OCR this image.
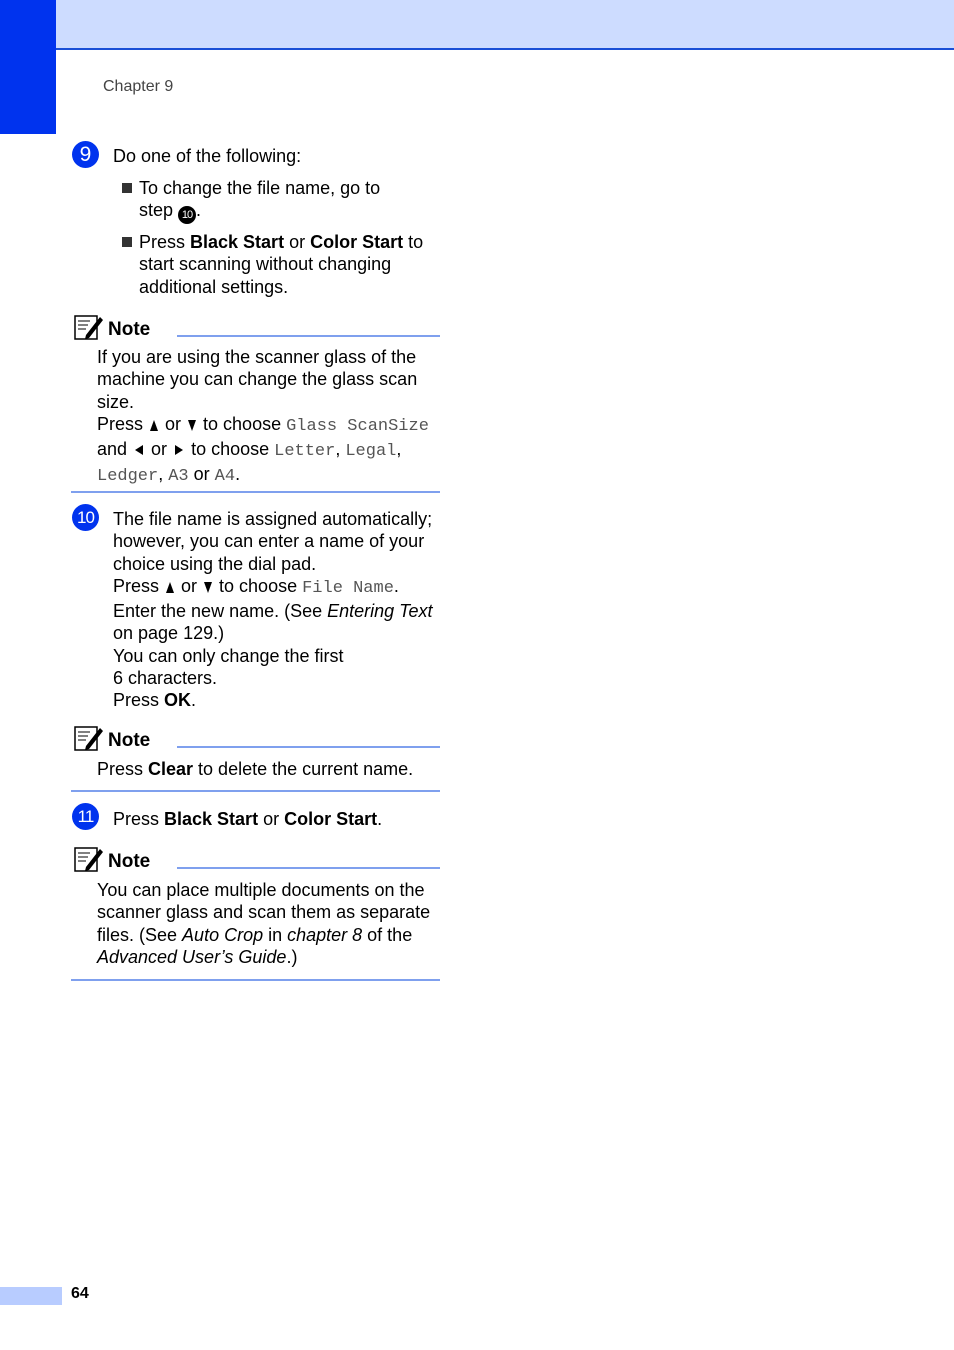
Chapter 9
9	Do one of the following:
To change the file name, go to
step 10 .
Press Black Start or Color Start to
start scanning without changing
additional settings.
Note
If you are using the scanner glass of the
machine you can change the glass scan
size.
Press  or  to choose Glass ScanSize
and  or  to choose Letter, Legal,
Ledger, A3 or A4.
10 The file name is assigned automatically;
however, you can enter a name of your
choice using the dial pad.
Press  or  to choose File Name.
Enter the new name. (See Entering Text
on page 129.)
You can only change the first
6 characters.
Press OK.
Note
Press Clear to delete the current name.
11	Press Black Start or Color Start.
Note
You can place multiple documents on the
scanner glass and scan them as separate
files. (See Auto Crop in chapter 8 of the
Advanced User’s Guide.)
64
